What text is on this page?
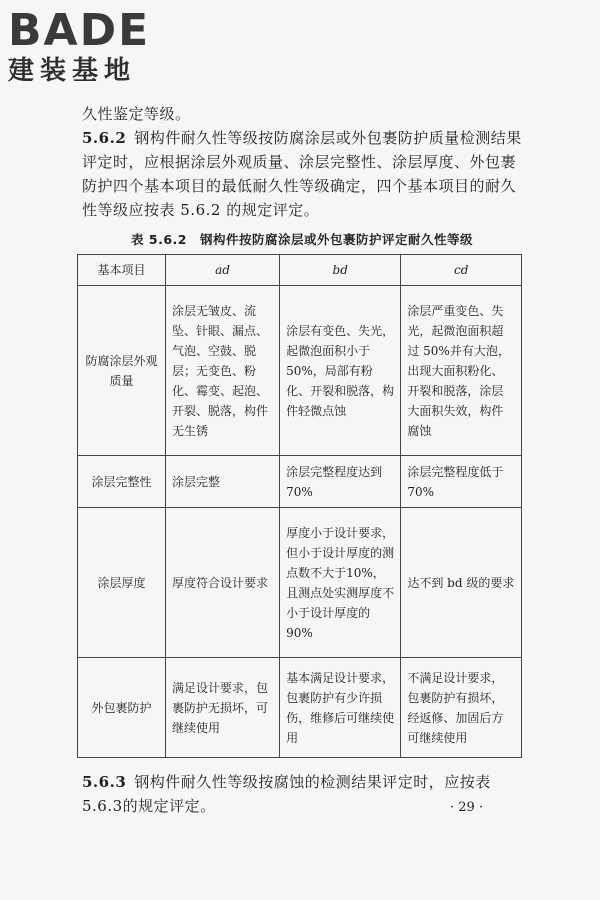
BADE
建装基地

久性鉴定等级。

5.6.2 钢构件耐久性等级按防腐涂层或外包裹防护质量检测结果评定时，应根据涂层外观质量、涂层完整性、涂层厚度、外包裹防护四个基本项目的最低耐久性等级确定，四个基本项目的耐久性等级应按表 5.6.2 的规定评定。

表 5.6.2　钢构件按防腐涂层或外包裹防护评定耐久性等级
基本项目	ad	bd	cd
防腐涂层外观质量	涂层无皱皮、流坠、针眼、漏点、气泡、空鼓、脱层；无变色、粉化、霉变、起泡、开裂、脱落，构件无生锈	涂层有变色、失光，起微泡面积小于50%，局部有粉化、开裂和脱落，构件轻微点蚀	涂层严重变色、失光，起微泡面积超过 50%并有大泡，出现大面积粉化、开裂和脱落，涂层大面积失效，构件腐蚀
涂层完整性	涂层完整	涂层完整程度达到 70%	涂层完整程度低于 70%
涂层厚度	厚度符合设计要求	厚度小于设计要求，但小于设计厚度的测点数不大于10%，且测点处实测厚度不小于设计厚度的 90%	达不到 bd 级的要求
外包裹防护	满足设计要求，包裹防护无损坏，可继续使用	基本满足设计要求，包裹防护有少许损伤，维修后可继续使用	不满足设计要求，包裹防护有损坏，经返修、加固后方可继续使用

5.6.3 钢构件耐久性等级按腐蚀的检测结果评定时，应按表 5.6.3的规定评定。	· 29 ·
